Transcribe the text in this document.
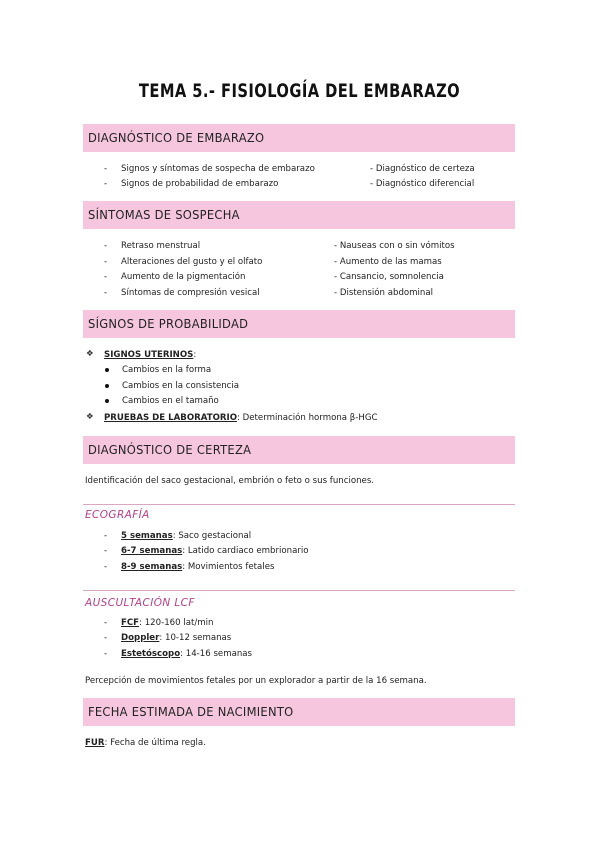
TEMA 5.- FISIOLOGÍA DEL EMBARAZO
DIAGNÓSTICO DE EMBARAZO
- Signos y síntomas de sospecha de embarazo	- Diagnóstico de certeza
- Signos de probabilidad de embarazo	- Diagnóstico diferencial
SÍNTOMAS DE SOSPECHA
- Retraso menstrual	- Nauseas con o sin vómitos
- Alteraciones del gusto y el olfato	- Aumento de las mamas
- Aumento de la pigmentación	- Cansancio, somnolencia
- Síntomas de compresión vesical	- Distensión abdominal
SÍGNOS DE PROBABILIDAD
❖ SIGNOS UTERINOS:
Cambios en la forma
Cambios en la consistencia
Cambios en el tamaño
❖ PRUEBAS DE LABORATORIO: Determinación hormona β-HGC
DIAGNÓSTICO DE CERTEZA
Identificación del saco gestacional, embrión o feto o sus funciones.
ECOGRAFÍA
- 5 semanas: Saco gestacional
- 6-7 semanas: Latido cardiaco embrionario
- 8-9 semanas: Movimientos fetales
AUSCULTACIÓN LCF
- FCF: 120-160 lat/min
- Doppler: 10-12 semanas
- Estetóscopo: 14-16 semanas
Percepción de movimientos fetales por un explorador a partir de la 16 semana.
FECHA ESTIMADA DE NACIMIENTO
FUR: Fecha de última regla.
